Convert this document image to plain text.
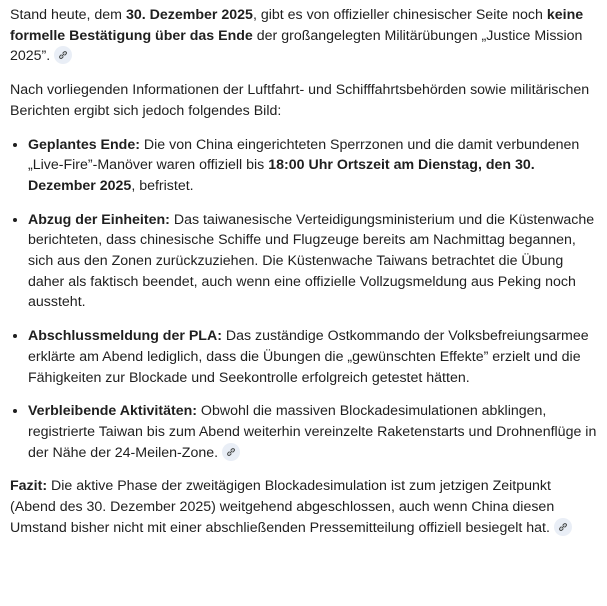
Stand heute, dem 30. Dezember 2025, gibt es von offizieller chinesischer Seite noch keine formelle Bestätigung über das Ende der großangelegten Militärübungen „Justice Mission 2025”.

Nach vorliegenden Informationen der Luftfahrt- und Schifffahrtsbehörden sowie militärischen Berichten ergibt sich jedoch folgendes Bild:

• Geplantes Ende: Die von China eingerichteten Sperrzonen und die damit verbundenen „Live-Fire”-Manöver waren offiziell bis 18:00 Uhr Ortszeit am Dienstag, den 30. Dezember 2025, befristet.
• Abzug der Einheiten: Das taiwanesische Verteidigungsministerium und die Küstenwache berichteten, dass chinesische Schiffe und Flugzeuge bereits am Nachmittag begannen, sich aus den Zonen zurückzuziehen. Die Küstenwache Taiwans betrachtet die Übung daher als faktisch beendet, auch wenn eine offizielle Vollzugsmeldung aus Peking noch aussteht.
• Abschlussmeldung der PLA: Das zuständige Ostkommando der Volksbefreiungsarmee erklärte am Abend lediglich, dass die Übungen die „gewünschten Effekte” erzielt und die Fähigkeiten zur Blockade und Seekontrolle erfolgreich getestet hätten.
• Verbleibende Aktivitäten: Obwohl die massiven Blockadesimulationen abklingen, registrierte Taiwan bis zum Abend weiterhin vereinzelte Raketenstarts und Drohnenflüge in der Nähe der 24-Meilen-Zone.

Fazit: Die aktive Phase der zweitägigen Blockadesimulation ist zum jetzigen Zeitpunkt (Abend des 30. Dezember 2025) weitgehend abgeschlossen, auch wenn China diesen Umstand bisher nicht mit einer abschließenden Pressemitteilung offiziell besiegelt hat.
